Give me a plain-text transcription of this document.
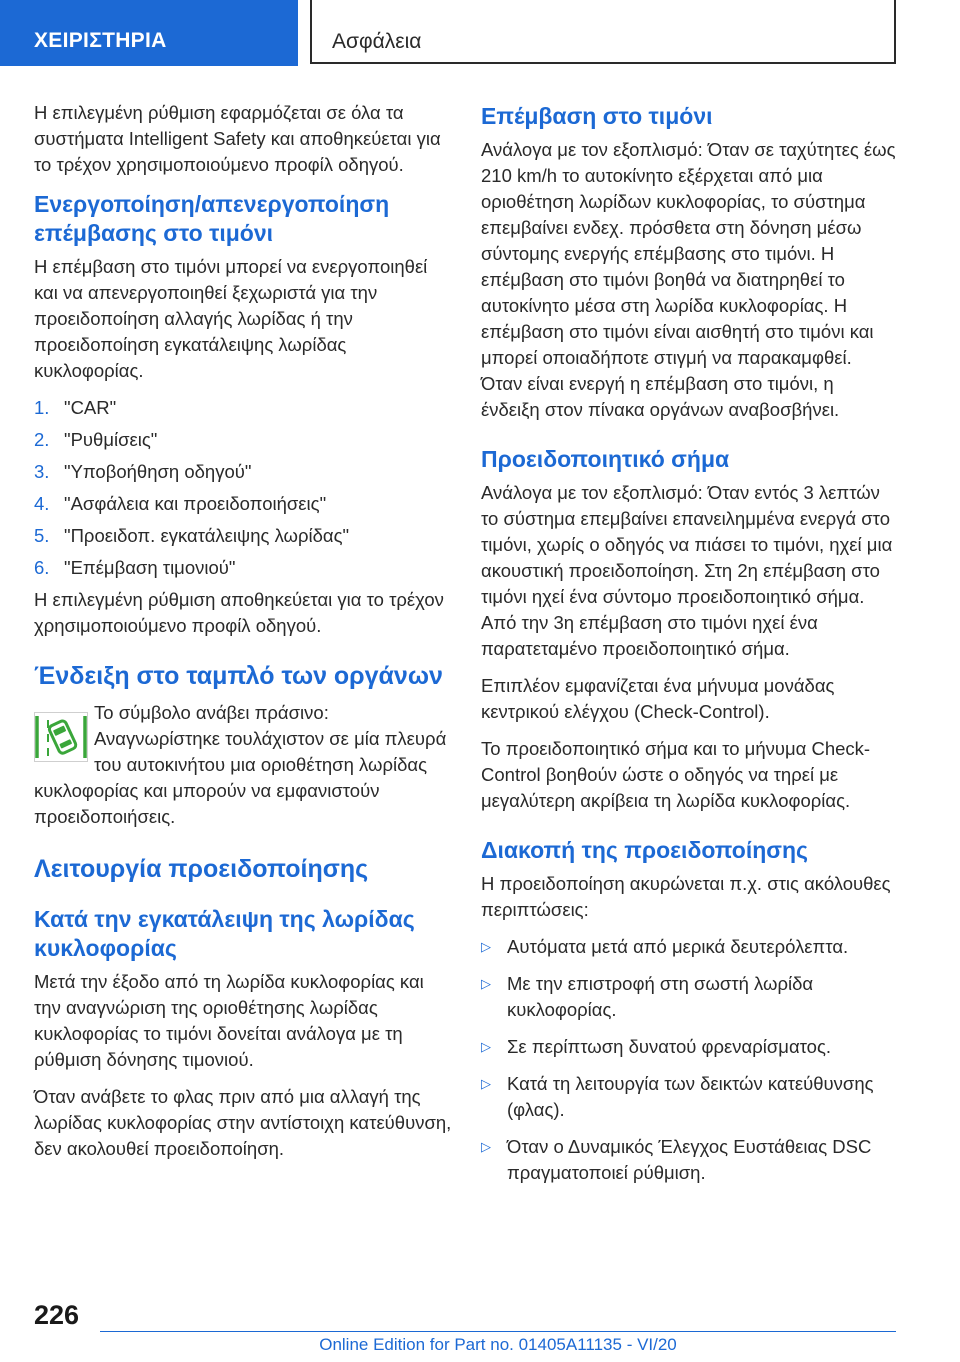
ΧΕΙΡΙΣΤΗΡΙΑ	Ασφάλεια

Η επιλεγμένη ρύθμιση εφαρμόζεται σε όλα τα συστήματα Intelligent Safety και αποθηκεύεται για το τρέχον χρησιμοποιούμενο προφίλ οδηγού.

Ενεργοποίηση/απενεργοποίηση επέμβασης στο τιμόνι

Η επέμβαση στο τιμόνι μπορεί να ενεργοποιηθεί και να απενεργοποιηθεί ξεχωριστά για την προειδοποίηση αλλαγής λωρίδας ή την προειδοποίηση εγκατάλειψης λωρίδας κυκλοφορίας.

1. "CAR"
2. "Ρυθμίσεις"
3. "Υποβοήθηση οδηγού"
4. "Ασφάλεια και προειδοποιήσεις"
5. "Προειδοπ. εγκατάλειψης λωρίδας"
6. "Επέμβαση τιμονιού"

Η επιλεγμένη ρύθμιση αποθηκεύεται για το τρέχον χρησιμοποιούμενο προφίλ οδηγού.

Ένδειξη στο ταμπλό των οργάνων

Το σύμβολο ανάβει πράσινο: Αναγνωρίστηκε τουλάχιστον σε μία πλευρά του αυτοκινήτου μια οριοθέτηση λωρίδας κυκλοφορίας και μπορούν να εμφανιστούν προειδοποιήσεις.

Λειτουργία προειδοποίησης
Κατά την εγκατάλειψη της λωρίδας κυκλοφορίας

Μετά την έξοδο από τη λωρίδα κυκλοφορίας και την αναγνώριση της οριοθέτησης λωρίδας κυκλοφορίας το τιμόνι δονείται ανάλογα με τη ρύθμιση δόνησης τιμονιού.

Όταν ανάβετε το φλας πριν από μια αλλαγή της λωρίδας κυκλοφορίας στην αντίστοιχη κατεύθυνση, δεν ακολουθεί προειδοποίηση.

Επέμβαση στο τιμόνι

Ανάλογα με τον εξοπλισμό: Όταν σε ταχύτητες έως 210 km/h το αυτοκίνητο εξέρχεται από μια οριοθέτηση λωρίδων κυκλοφορίας, το σύστημα επεμβαίνει ενδεχ. πρόσθετα στη δόνηση μέσω σύντομης ενεργής επέμβασης στο τιμόνι. Η επέμβαση στο τιμόνι βοηθά να διατηρηθεί το αυτοκίνητο μέσα στη λωρίδα κυκλοφορίας. Η επέμβαση στο τιμόνι είναι αισθητή στο τιμόνι και μπορεί οποιαδήποτε στιγμή να παρακαμφθεί. Όταν είναι ενεργή η επέμβαση στο τιμόνι, η ένδειξη στον πίνακα οργάνων αναβοσβήνει.

Προειδοποιητικό σήμα

Ανάλογα με τον εξοπλισμό: Όταν εντός 3 λεπτών το σύστημα επεμβαίνει επανειλημμένα ενεργά στο τιμόνι, χωρίς ο οδηγός να πιάσει το τιμόνι, ηχεί μια ακουστική προειδοποίηση. Στη 2η επέμβαση στο τιμόνι ηχεί ένα σύντομο προειδοποιητικό σήμα. Από την 3η επέμβαση στο τιμόνι ηχεί ένα παρατεταμένο προειδοποιητικό σήμα.

Επιπλέον εμφανίζεται ένα μήνυμα μονάδας κεντρικού ελέγχου (Check-Control).

Το προειδοποιητικό σήμα και το μήνυμα Check-Control βοηθούν ώστε ο οδηγός να τηρεί με μεγαλύτερη ακρίβεια τη λωρίδα κυκλοφορίας.

Διακοπή της προειδοποίησης

Η προειδοποίηση ακυρώνεται π.χ. στις ακόλουθες περιπτώσεις:

▷ Αυτόματα μετά από μερικά δευτερόλεπτα.
▷ Με την επιστροφή στη σωστή λωρίδα κυκλοφορίας.
▷ Σε περίπτωση δυνατού φρεναρίσματος.
▷ Κατά τη λειτουργία των δεικτών κατεύθυνσης (φλας).
▷ Όταν ο Δυναμικός Έλεγχος Ευστάθειας DSC πραγματοποιεί ρύθμιση.
226
Online Edition for Part no. 01405A11135 - VI/20
